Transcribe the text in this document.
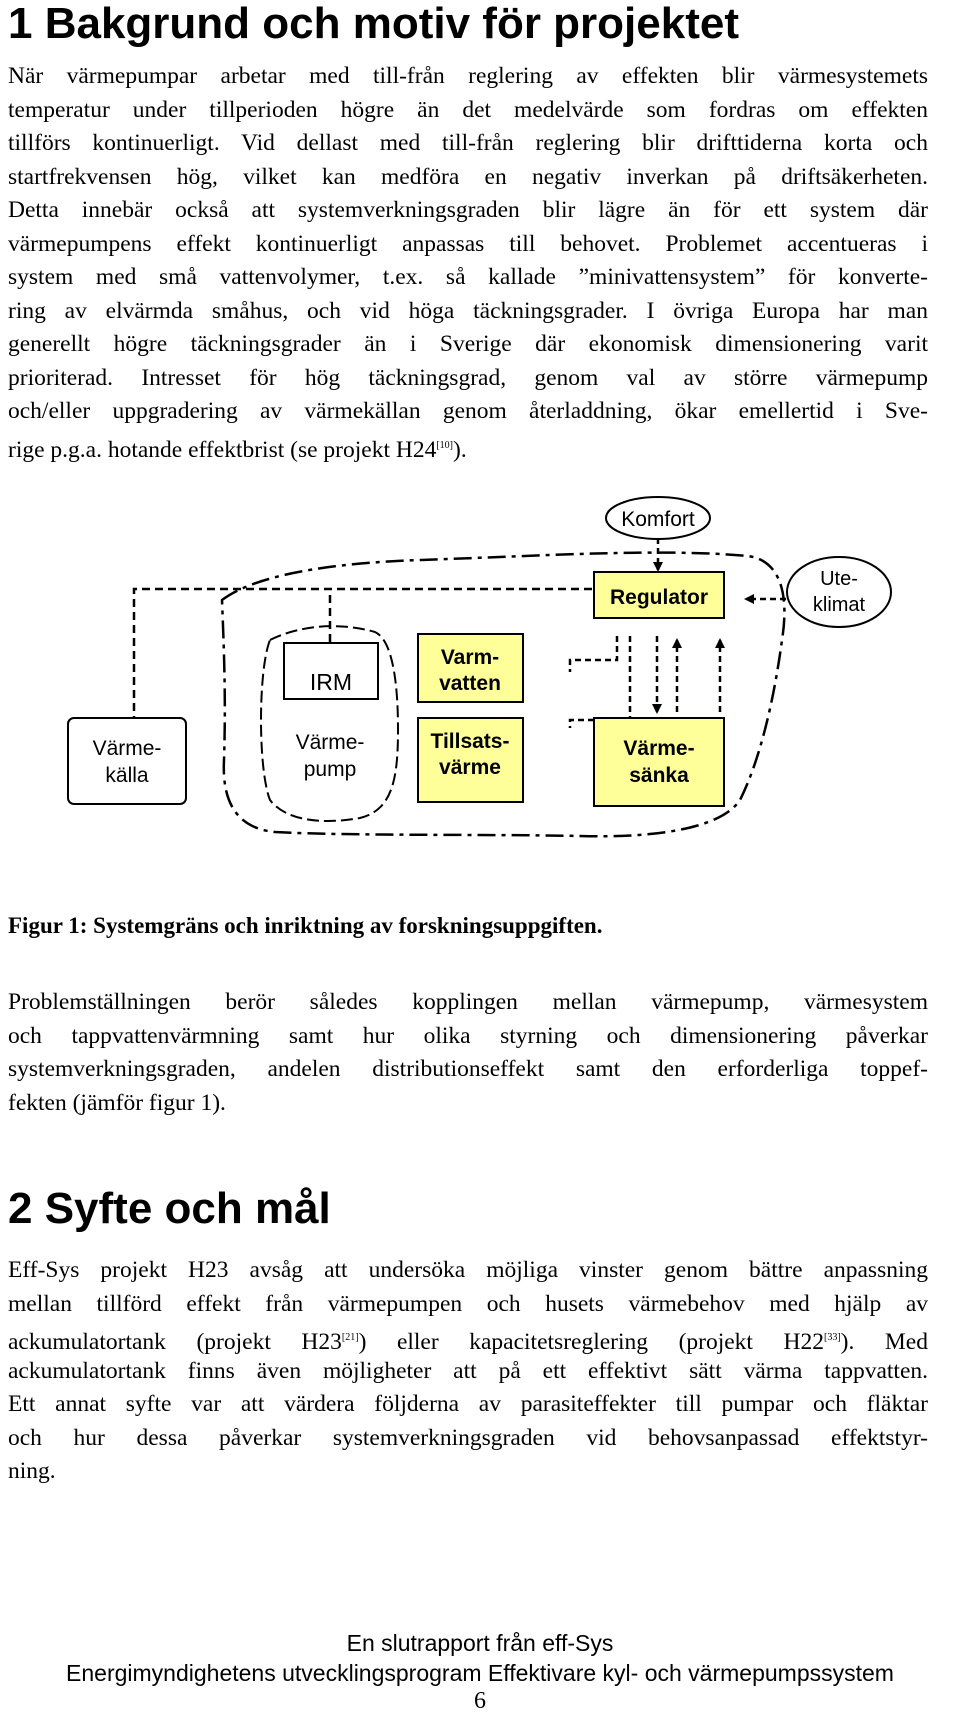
1 Bakgrund och motiv för projektet
När värmepumpar arbetar med till-från reglering av effekten blir värmesystemets
temperatur under tillperioden högre än det medelvärde som fordras om effekten
tillförs kontinuerligt. Vid dellast med till-från reglering blir drifttiderna korta och
startfrekvensen hög, vilket kan medföra en negativ inverkan på driftsäkerheten.
Detta innebär också att systemverkningsgraden blir lägre än för ett system där
värmepumpens effekt kontinuerligt anpassas till behovet. Problemet accentueras i
system med små vattenvolymer, t.ex. så kallade ”minivattensystem” för konverte-
ring av elvärmda småhus, och vid höga täckningsgrader. I övriga Europa har man
generellt högre täckningsgrader än i Sverige där ekonomisk dimensionering varit
prioriterad. Intresset för hög täckningsgrad, genom val av större värmepump
och/eller uppgradering av värmekällan genom återladdning, ökar emellertid i Sve-
rige p.g.a. hotande effektbrist (se projekt H24[10]).
Komfort
Regulator
Ute-
klimat
IRM
Varm-
vatten
Värme-
källa
Värme-
pump
Tillsats-
värme
Värme-
sänka

Figur 1: Systemgräns och inriktning av forskningsuppgiften.

Problemställningen berör således kopplingen mellan värmepump, värmesystem
och tappvattenvärmning samt hur olika styrning och dimensionering påverkar
systemverkningsgraden, andelen distributionseffekt samt den erforderliga toppef-
fekten (jämför figur 1).
2 Syfte och mål
Eff-Sys projekt H23 avsåg att undersöka möjliga vinster genom bättre anpassning
mellan tillförd effekt från värmepumpen och husets värmebehov med hjälp av
ackumulatortank (projekt H23[21]) eller kapacitetsreglering (projekt H22[33]). Med
ackumulatortank finns även möjligheter att på ett effektivt sätt värma tappvatten.
Ett annat syfte var att värdera följderna av parasiteffekter till pumpar och fläktar
och hur dessa påverkar systemverkningsgraden vid behovsanpassad effektstyr-
ning.
En slutrapport från eff-Sys
Energimyndighetens utvecklingsprogram Effektivare kyl- och värmepumpssystem
6
